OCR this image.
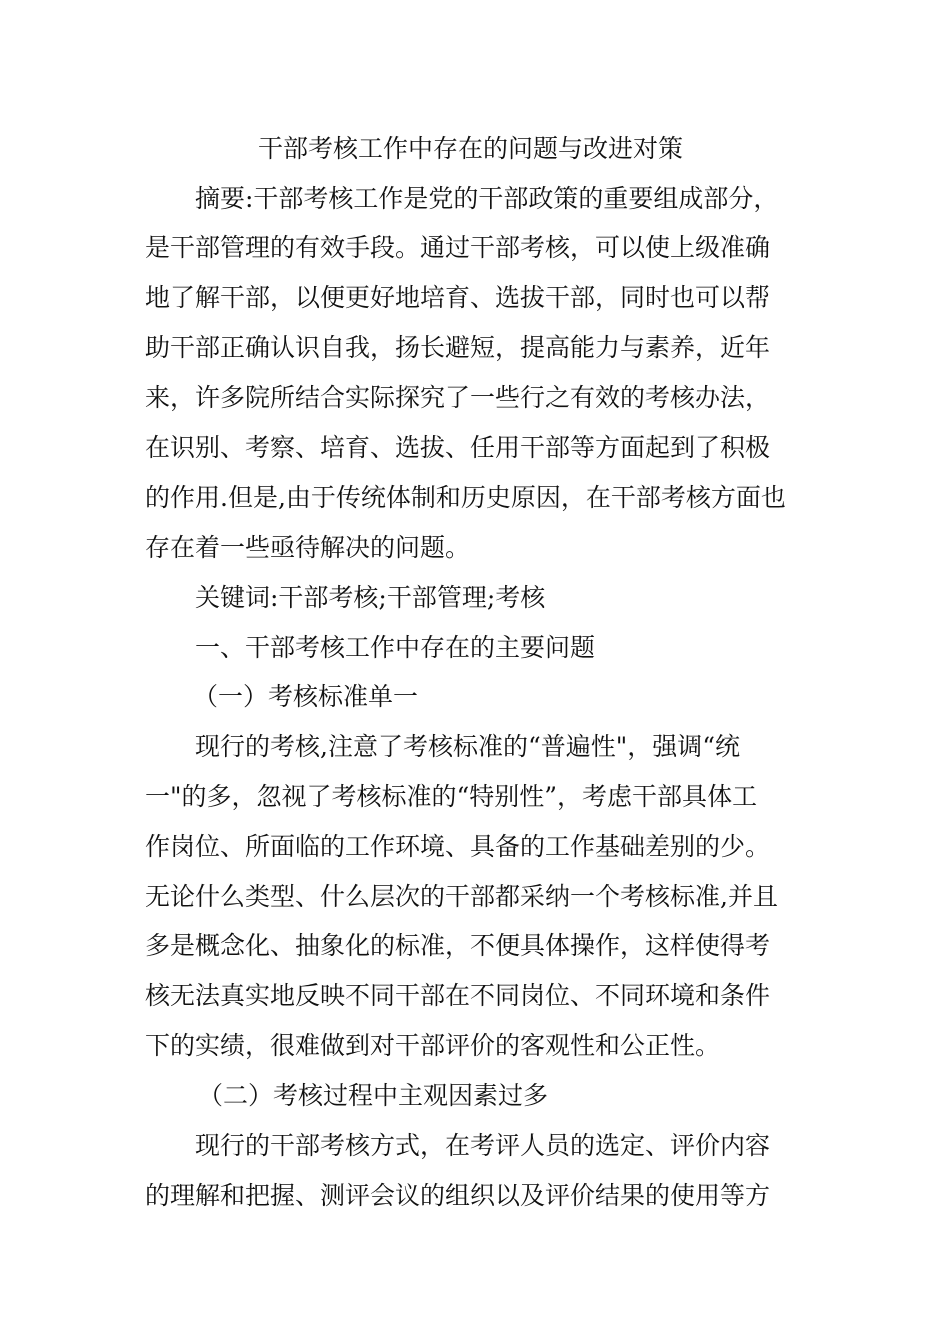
干部考核工作中存在的问题与改进对策
摘要:干部考核工作是党的干部政策的重要组成部分，
是干部管理的有效手段。通过干部考核，可以使上级准确
地了解干部，以便更好地培育、选拔干部，同时也可以帮
助干部正确认识自我，扬长避短，提高能力与素养，近年
来，许多院所结合实际探究了一些行之有效的考核办法，
在识别、考察、培育、选拔、任用干部等方面起到了积极
的作用.但是,由于传统体制和历史原因，在干部考核方面也
存在着一些亟待解决的问题。
关键词:干部考核;干部管理;考核
一、干部考核工作中存在的主要问题
（一）考核标准单一
现行的考核,注意了考核标准的“普遍性"，强调“统
一"的多，忽视了考核标准的“特别性”，考虑干部具体工
作岗位、所面临的工作环境、具备的工作基础差别的少。
无论什么类型、什么层次的干部都采纳一个考核标准,并且
多是概念化、抽象化的标准，不便具体操作，这样使得考
核无法真实地反映不同干部在不同岗位、不同环境和条件
下的实绩，很难做到对干部评价的客观性和公正性。
（二）考核过程中主观因素过多
现行的干部考核方式，在考评人员的选定、评价内容
的理解和把握、测评会议的组织以及评价结果的使用等方
